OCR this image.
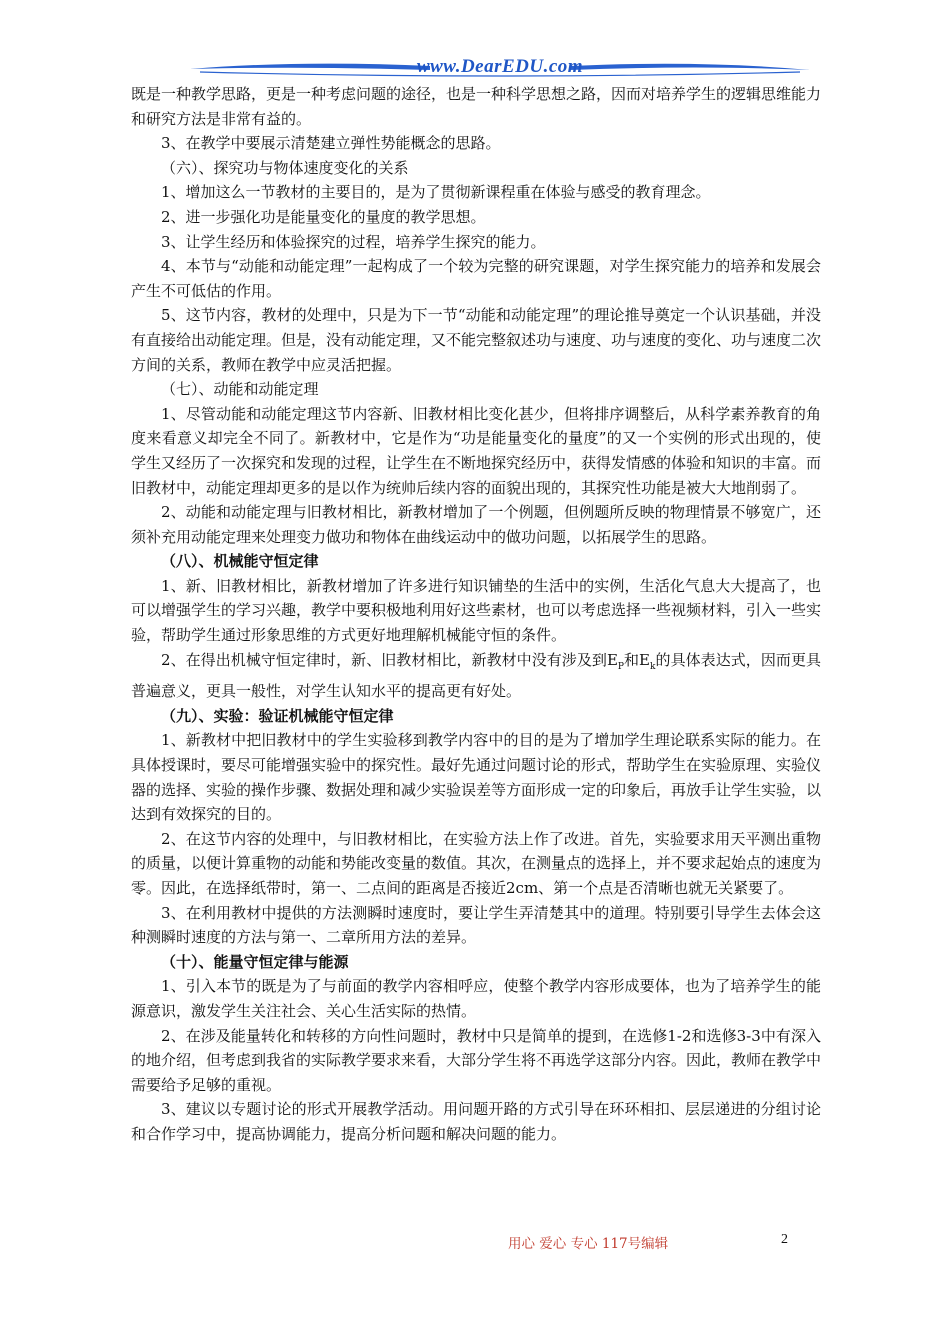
www.DearEDU.com

既是一种教学思路，更是一种考虑问题的途径，也是一种科学思想之路，因而对培养学生的逻辑思维能力和研究方法是非常有益的。

3、在教学中要展示清楚建立弹性势能概念的思路。

（六）、探究功与物体速度变化的关系

1、增加这么一节教材的主要目的，是为了贯彻新课程重在体验与感受的教育理念。

2、进一步强化功是能量变化的量度的教学思想。

3、让学生经历和体验探究的过程，培养学生探究的能力。

4、本节与“动能和动能定理”一起构成了一个较为完整的研究课题，对学生探究能力的培养和发展会产生不可低估的作用。

5、这节内容，教材的处理中，只是为下一节“动能和动能定理”的理论推导奠定一个认识基础，并没有直接给出动能定理。但是，没有动能定理，又不能完整叙述功与速度、功与速度的变化、功与速度二次方间的关系，教师在教学中应灵活把握。

（七）、动能和动能定理

1、尽管动能和动能定理这节内容新、旧教材相比变化甚少，但将排序调整后，从科学素养教育的角度来看意义却完全不同了。新教材中，它是作为“功是能量变化的量度”的又一个实例的形式出现的，使学生又经历了一次探究和发现的过程，让学生在不断地探究经历中，获得发情感的体验和知识的丰富。而旧教材中，动能定理却更多的是以作为统帅后续内容的面貌出现的，其探究性功能是被大大地削弱了。

2、动能和动能定理与旧教材相比，新教材增加了一个例题，但例题所反映的物理情景不够宽广，还须补充用动能定理来处理变力做功和物体在曲线运动中的做功问题，以拓展学生的思路。

（八）、机械能守恒定律

1、新、旧教材相比，新教材增加了许多进行知识铺垫的生活中的实例，生活化气息大大提高了，也可以增强学生的学习兴趣，教学中要积极地利用好这些素材，也可以考虑选择一些视频材料，引入一些实验，帮助学生通过形象思维的方式更好地理解机械能守恒的条件。

2、在得出机械守恒定律时，新、旧教材相比，新教材中没有涉及到$E_P$和$E_k$的具体表达式，因而更具普遍意义，更具一般性，对学生认知水平的提高更有好处。

（九）、实验：验证机械能守恒定律

1、新教材中把旧教材中的学生实验移到教学内容中的目的是为了增加学生理论联系实际的能力。在具体授课时，要尽可能增强实验中的探究性。最好先通过问题讨论的形式，帮助学生在实验原理、实验仪器的选择、实验的操作步骤、数据处理和减少实验误差等方面形成一定的印象后，再放手让学生实验，以达到有效探究的目的。

2、在这节内容的处理中，与旧教材相比，在实验方法上作了改进。首先，实验要求用天平测出重物的质量，以便计算重物的动能和势能改变量的数值。其次，在测量点的选择上，并不要求起始点的速度为零。因此，在选择纸带时，第一、二点间的距离是否接近2cm、第一个点是否清晰也就无关紧要了。

3、在利用教材中提供的方法测瞬时速度时，要让学生弄清楚其中的道理。特别要引导学生去体会这种测瞬时速度的方法与第一、二章所用方法的差异。

（十）、能量守恒定律与能源

1、引入本节的既是为了与前面的教学内容相呼应，使整个教学内容形成要体，也为了培养学生的能源意识，激发学生关注社会、关心生活实际的热情。

2、在涉及能量转化和转移的方向性问题时，教材中只是简单的提到，在选修1-2和选修3-3中有深入的地介绍，但考虑到我省的实际教学要求来看，大部分学生将不再选学这部分内容。因此，教师在教学中需要给予足够的重视。

3、建议以专题讨论的形式开展教学活动。用问题开路的方式引导在环环相扣、层层递进的分组讨论和合作学习中，提高协调能力，提高分析问题和解决问题的能力。

用心 爱心 专心 117号编辑	2
